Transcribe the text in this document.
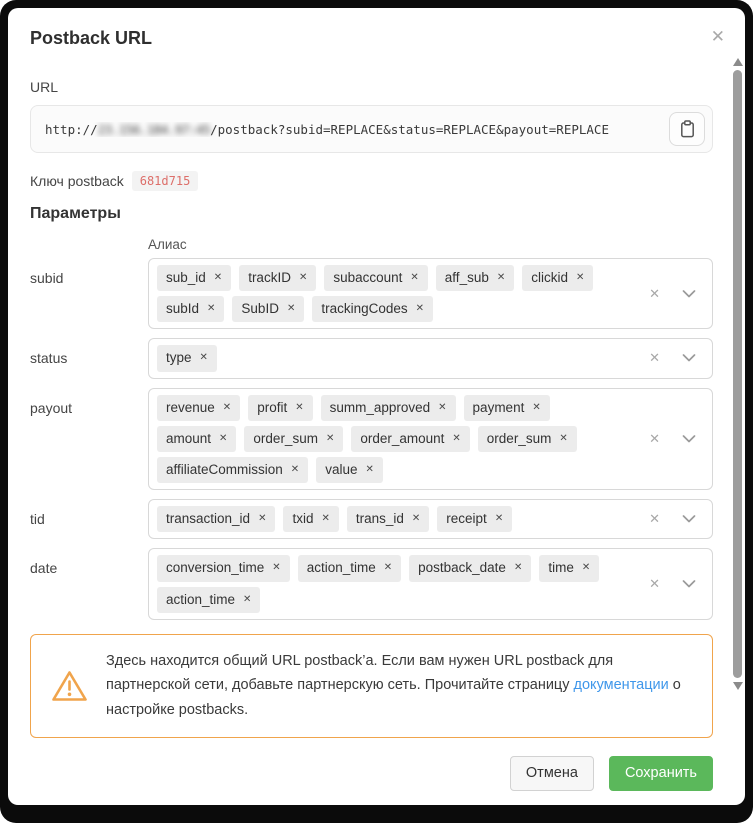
Postback URL	✕
URL
http://23.156.184.97:45/postback?subid=REPLACE&status=REPLACE&payout=REPLACE
Ключ postback	681d715
Параметры
Алиас
subid	sub_id ✕ trackID ✕ subaccount ✕ aff_sub ✕ clickid ✕
subId ✕ SubID ✕ trackingCodes ✕
✕
status	type ✕	✕
payout	revenue ✕ profit ✕ summ_approved ✕ payment ✕
amount ✕ order_sum ✕ order_amount ✕ order_sum ✕
affiliateCommission ✕ value ✕
✕
tid	transaction_id ✕ txid ✕ trans_id ✕ receipt ✕	✕
date	conversion_time ✕ action_time ✕ postback_date ✕ time ✕
action_time ✕
✕
Здесь находится общий URL postback’а. Если вам нужен URL postback для партнерской сети, добавьте партнерскую сеть. Прочитайте страницу документации о настройке postbacks.
Отмена	Сохранить
